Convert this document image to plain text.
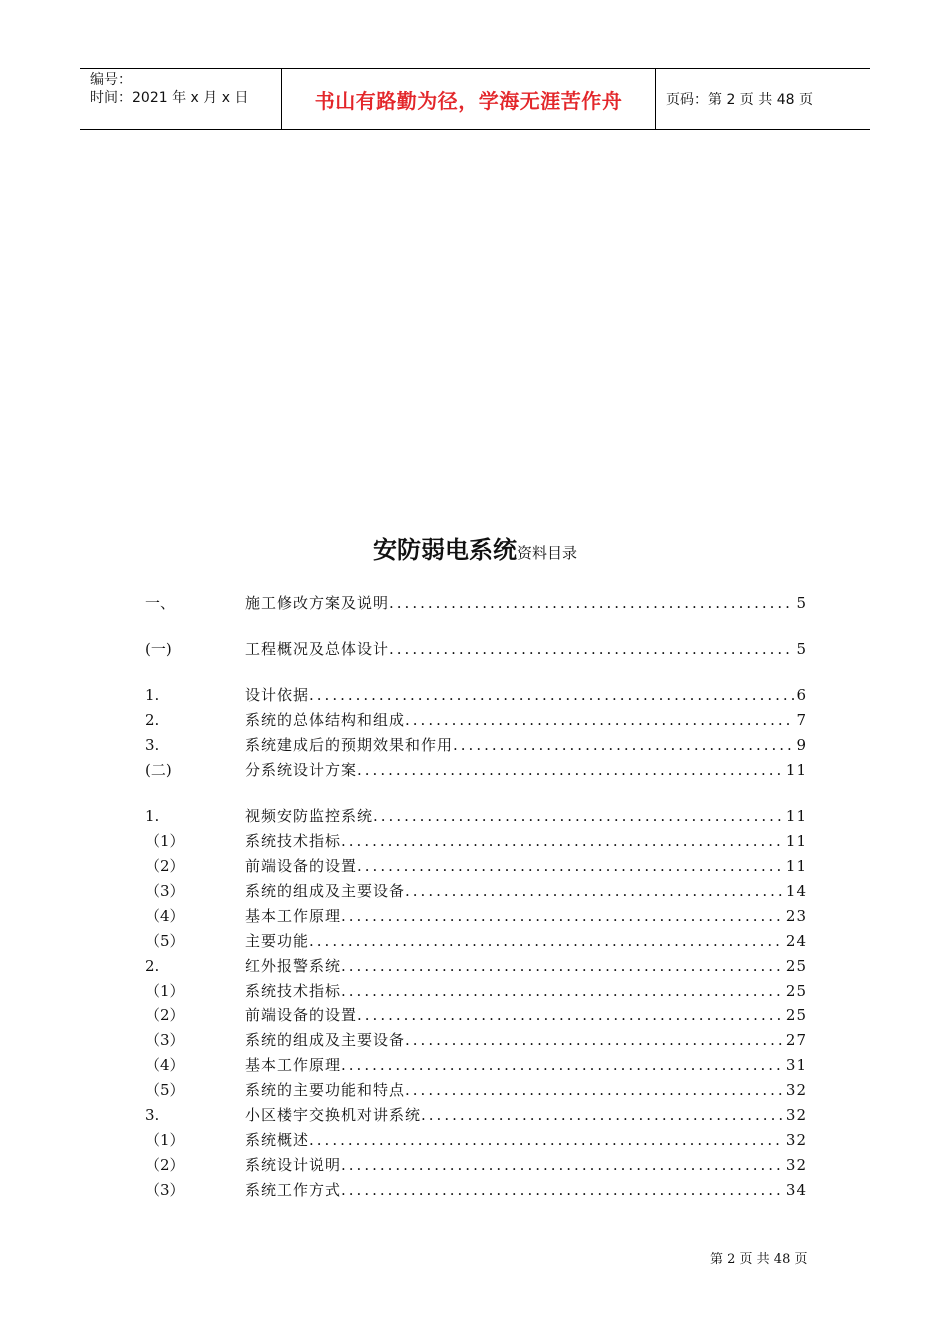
编号：
时间：2021 年 x 月 x 日	书山有路勤为径，学海无涯苦作舟	页码：第 2 页 共 48 页
安防弱电系统资料目录
一、	施工修改方案及说明 .....	5
(一)	工程概况及总体设计 .....	5
1.	设计依据 .....	6
2.	系统的总体结构和组成 .....	7
3.	系统建成后的预期效果和作用 .....	9
(二)	分系统设计方案 .....	11
1.	视频安防监控系统 .....	11
（1）	系统技术指标 .....	11
（2）	前端设备的设置 .....	11
（3）	系统的组成及主要设备 .....	14
（4）	基本工作原理 .....	23
（5）	主要功能 .....	24
2.	红外报警系统 .....	25
（1）	系统技术指标 .....	25
（2）	前端设备的设置 .....	25
（3）	系统的组成及主要设备 .....	27
（4）	基本工作原理 .....	31
（5）	系统的主要功能和特点 .....	32
3.	小区楼宇交换机对讲系统 .....	32
（1）	系统概述 .....	32
（2）	系统设计说明 .....	32
（3）	系统工作方式 .....	34
第 2 页 共 48 页
